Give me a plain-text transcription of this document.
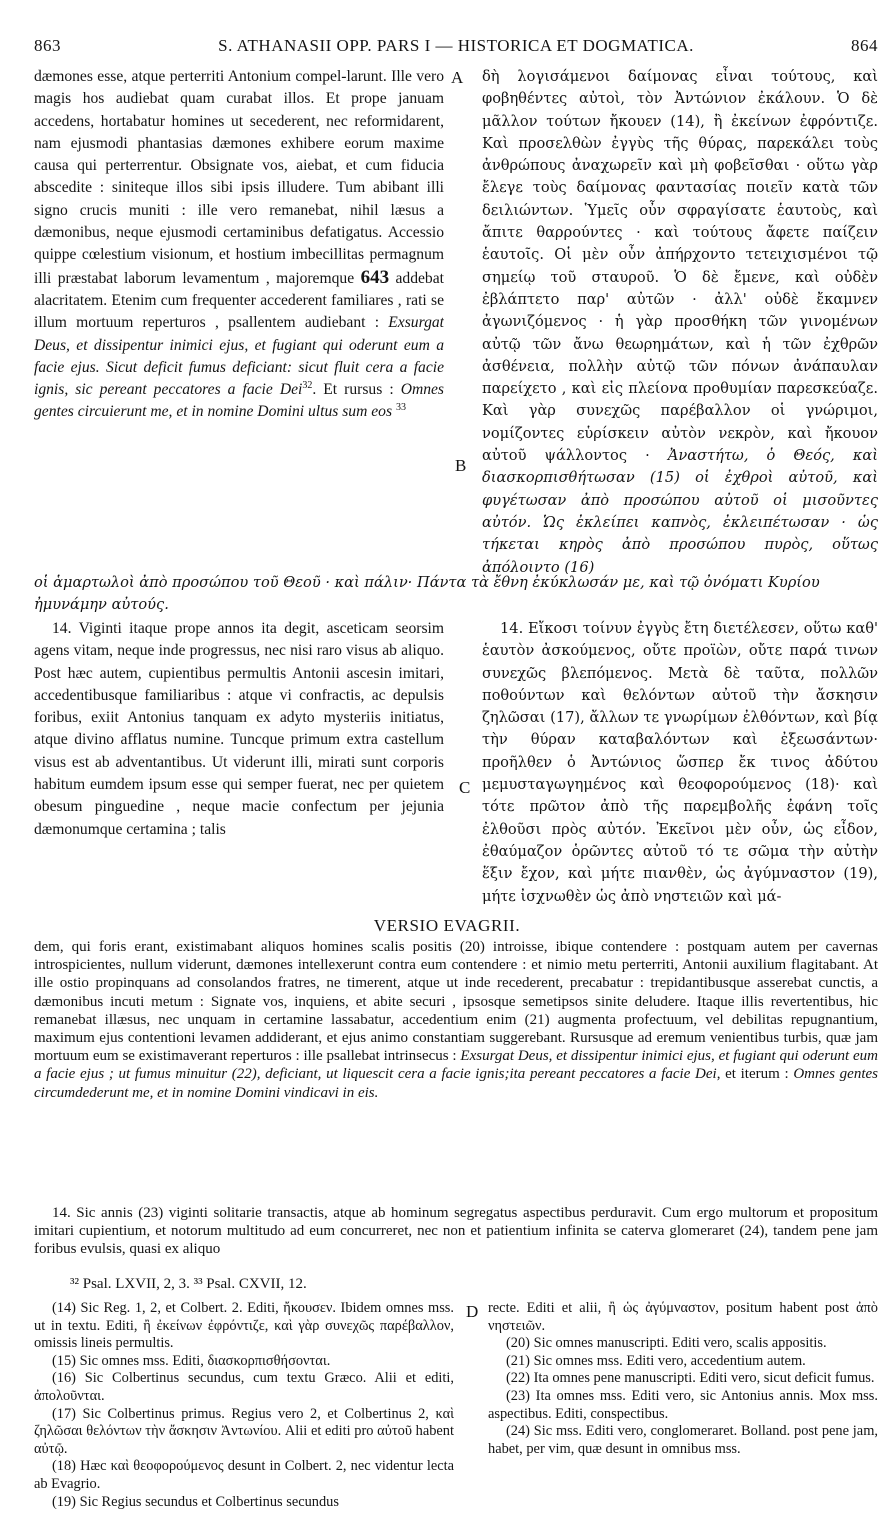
863	S. ATHANASII OPP. PARS I — HISTORICA ET DOGMATICA.	864
A
B
C
D

dæmones esse, atque perterriti Antonium compel-larunt. Ille vero magis hos audiebat quam curabat illos. Et prope januam accedens, hortabatur homines ut secederent, nec reformidarent, nam ejusmodi phantasias dæmones exhibere eorum maxime causa qui perterrentur. Obsignate vos, aiebat, et cum fiducia abscedite : siniteque illos sibi ipsis illudere. Tum abibant illi signo crucis muniti : ille vero remanebat, nihil læsus a dæmonibus, neque ejusmodi certaminibus defatigatus. Accessio quippe cœlestium visionum, et hostium imbecillitas permagnum illi præstabat laborum levamentum , majoremque 643 addebat alacritatem. Etenim cum frequenter accederent familiares , rati se illum mortuum reperturos , psallentem audiebant : Exsurgat Deus, et dissipentur inimici ejus, et fugiant qui oderunt eum a facie ejus. Sicut deficit fumus deficiant: sicut fluit cera a facie ignis, sic pereant peccatores a facie Dei$^{32}$. Et rursus : Omnes gentes circuierunt me, et in nomine Domini ultus sum eos $^{33}$

δὴ λογισάμενοι δαίμονας εἶναι τούτους, καὶ φοβηθέντες αὐτοὶ, τὸν Ἀντώνιον ἐκάλουν. Ὁ δὲ μᾶλλον τούτων ἤκουεν (14), ἢ ἐκείνων ἐφρόντιζε. Καὶ προσελθὼν ἐγγὺς τῆς θύρας, παρεκάλει τοὺς ἀνθρώπους ἀναχωρεῖν καὶ μὴ φοβεῖσθαι · οὕτω γὰρ ἔλεγε τοὺς δαίμονας φαντασίας ποιεῖν κατὰ τῶν δειλιώντων. Ὑμεῖς οὖν σφραγίσατε ἑαυτοὺς, καὶ ἄπιτε θαρρούντες · καὶ τούτους ἄφετε παίζειν ἑαυτοῖς. Οἱ μὲν οὖν ἀπήρχοντο τετειχισμένοι τῷ σημείῳ τοῦ σταυροῦ. Ὁ δὲ ἔμενε, καὶ οὐδὲν ἐβλάπτετο παρ' αὐτῶν · ἀλλ' οὐδὲ ἔκαμνεν ἀγωνιζόμενος · ἡ γὰρ προσθήκη τῶν γινομένων αὐτῷ τῶν ἄνω θεωρημάτων, καὶ ἡ τῶν ἐχθρῶν ἀσθένεια, πολλὴν αὐτῷ τῶν πόνων ἀνάπαυλαν παρείχετο , καὶ εἰς πλείονα προθυμίαν παρεσκεύαζε. Καὶ γὰρ συνεχῶς παρέβαλλον οἱ γνώριμοι, νομίζοντες εὑρίσκειν αὐτὸν νεκρὸν, καὶ ἤκουον αὐτοῦ ψάλλοντος · Ἀναστήτω, ὁ Θεός, καὶ διασκορπισθήτωσαν (15) οἱ ἐχθροὶ αὐτοῦ, καὶ φυγέτωσαν ἀπὸ προσώπου αὐτοῦ οἱ μισοῦντες αὐτόν. Ὡς ἐκλείπει καπνὸς, ἐκλειπέτωσαν · ὡς τήκεται κηρὸς ἀπὸ προσώπου πυρὸς, οὕτως ἀπόλοιντο (16)

οἱ ἁμαρτωλοὶ ἀπὸ προσώπου τοῦ Θεοῦ · καὶ πάλιν· Πάντα τὰ ἔθνη ἐκύκλωσάν με, καὶ τῷ ὀνόματι Κυρίου ἠμυνάμην αὐτούς.

14. Viginti itaque prope annos ita degit, asceticam seorsim agens vitam, neque inde progressus, nec nisi raro visus ab aliquo. Post hæc autem, cupientibus permultis Antonii ascesin imitari, accedentibusque familiaribus : atque vi confractis, ac depulsis foribus, exiit Antonius tanquam ex adyto mysteriis initiatus, atque divino afflatus numine. Tuncque primum extra castellum visus est ab adventantibus. Ut viderunt illi, mirati sunt corporis habitum eumdem ipsum esse qui semper fuerat, nec per quietem obesum pinguedine , neque macie confectum per jejunia dæmonumque certamina ; talis

14. Εἴκοσι τοίνυν ἐγγὺς ἔτη διετέλεσεν, οὕτω καθ' ἑαυτὸν ἀσκούμενος, οὔτε προϊὼν, οὔτε παρά τινων συνεχῶς βλεπόμενος. Μετὰ δὲ ταῦτα, πολλῶν ποθούντων καὶ θελόντων αὐτοῦ τὴν ἄσκησιν ζηλῶσαι (17), ἄλλων τε γνωρίμων ἐλθόντων, καὶ βίᾳ τὴν θύραν καταβαλόντων καὶ ἐξεωσάντων· προῆλθεν ὁ Ἀντώνιος ὥσπερ ἔκ τινος ἀδύτου μεμυσταγωγημένος καὶ θεοφορούμενος (18)· καὶ τότε πρῶτον ἀπὸ τῆς παρεμβολῆς ἐφάνη τοῖς ἐλθοῦσι πρὸς αὐτόν. Ἐκεῖνοι μὲν οὖν, ὡς εἶδον, ἐθαύμαζον ὁρῶντες αὐτοῦ τό τε σῶμα τὴν αὐτὴν ἕξιν ἔχον, καὶ μήτε πιανθὲν, ὡς ἀγύμναστον (19), μήτε ἰσχνωθὲν ὡς ἀπὸ νηστειῶν καὶ μά-

VERSIO EVAGRII.

dem, qui foris erant, existimabant aliquos homines scalis positis (20) introisse, ibique contendere : postquam autem per cavernas introspicientes, nullum viderunt, dæmones intellexerunt contra eum contendere : et nimio metu perterriti, Antonii auxilium flagitabant. At ille ostio propinquans ad consolandos fratres, ne timerent, atque ut inde recederent, precabatur : trepidantibusque asserebat cunctis, a dæmonibus incuti metum : Signate vos, inquiens, et abite securi , ipsosque semetipsos sinite deludere. Itaque illis revertentibus, hic remanebat illæsus, nec unquam in certamine lassabatur, accedentium enim (21) augmenta profectuum, vel debilitas repugnantium, maximum ejus contentioni levamen addiderant, et ejus animo constantiam suggerebant. Rursusque ad eremum venientibus turbis, quæ jam mortuum eum se existimaverant reperturos : ille psallebat intrinsecus : Exsurgat Deus, et dissipentur inimici ejus, et fugiant qui oderunt eum a facie ejus ; ut fumus minuitur (22), deficiant, ut liquescit cera a facie ignis;ita pereant peccatores a facie Dei, et iterum : Omnes gentes circumdederunt me, et in nomine Domini vindicavi in eis.

14. Sic annis (23) viginti solitarie transactis, atque ab hominum segregatus aspectibus perduravit. Cum ergo multorum et propositum imitari cupientium, et notorum multitudo ad eum concurreret, nec non et patientium infinita se caterva glomeraret (24), tandem pene jam foribus evulsis, quasi ex aliquo

³² Psal. LXVII, 2, 3. ³³ Psal. CXVII, 12.

(14) Sic Reg. 1, 2, et Colbert. 2. Editi, ἤκουσεν. Ibidem omnes mss. ut in textu. Editi, ἢ ἐκείνων ἐφρόντιζε, καὶ γὰρ συνεχῶς παρέβαλλον, omissis lineis permultis.

(15) Sic omnes mss. Editi, διασκορπισθήσονται.

(16) Sic Colbertinus secundus, cum textu Græco. Alii et editi, ἀπολοῦνται.

(17) Sic Colbertinus primus. Regius vero 2, et Colbertinus 2, καὶ ζηλῶσαι θελόντων τὴν ἄσκησιν Ἀντωνίου. Alii et editi pro αὐτοῦ habent αὐτῷ.

(18) Hæc καὶ θεοφορούμενος desunt in Colbert. 2, nec videntur lecta ab Evagrio.

(19) Sic Regius secundus et Colbertinus secundus

recte. Editi et alii, ἢ ὡς ἀγύμναστον, positum habent post ἀπὸ νηστειῶν.

(20) Sic omnes manuscripti. Editi vero, scalis appositis.

(21) Sic omnes mss. Editi vero, accedentium autem.

(22) Ita omnes pene manuscripti. Editi vero, sicut deficit fumus.

(23) Ita omnes mss. Editi vero, sic Antonius annis. Mox mss. aspectibus. Editi, conspectibus.

(24) Sic mss. Editi vero, conglomeraret. Bolland. post pene jam, habet, per vim, quæ desunt in omnibus mss.
